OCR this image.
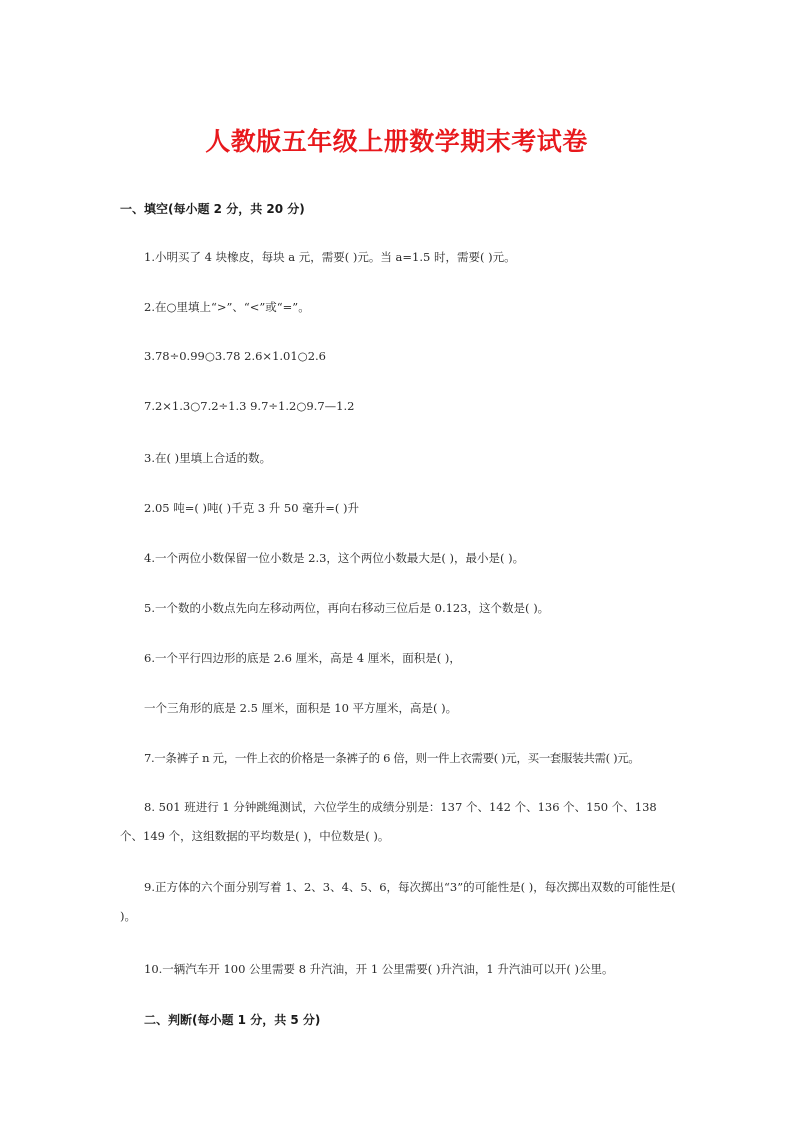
人教版五年级上册数学期末考试卷
一、填空(每小题 2 分，共 20 分)
1.小明买了 4 块橡皮，每块 a 元，需要( )元。当 a=1.5 时，需要( )元。
2.在○里填上“>”、“<”或“=”。
3.78÷0.99○3.78 2.6×1.01○2.6
7.2×1.3○7.2÷1.3 9.7÷1.2○9.7—1.2
3.在( )里填上合适的数。
2.05 吨=( )吨( )千克 3 升 50 毫升=( )升
4.一个两位小数保留一位小数是 2.3，这个两位小数最大是( )，最小是( )。
5.一个数的小数点先向左移动两位，再向右移动三位后是 0.123，这个数是( )。
6.一个平行四边形的底是 2.6 厘米，高是 4 厘米，面积是( )，
一个三角形的底是 2.5 厘米，面积是 10 平方厘米，高是( )。
7.一条裤子 n 元，一件上衣的价格是一条裤子的 6 倍，则一件上衣需要( )元，买一套服装共需( )元。

8. 501 班进行 1 分钟跳绳测试，六位学生的成绩分别是：137 个、142 个、136 个、150 个、138 个、149 个，这组数据的平均数是( )，中位数是( )。

9.正方体的六个面分别写着 1、2、3、4、5、6，每次掷出“3”的可能性是( )，每次掷出双数的可能性是( )。

10.一辆汽车开 100 公里需要 8 升汽油，开 1 公里需要( )升汽油，1 升汽油可以开( )公里。
二、判断(每小题 1 分，共 5 分)
